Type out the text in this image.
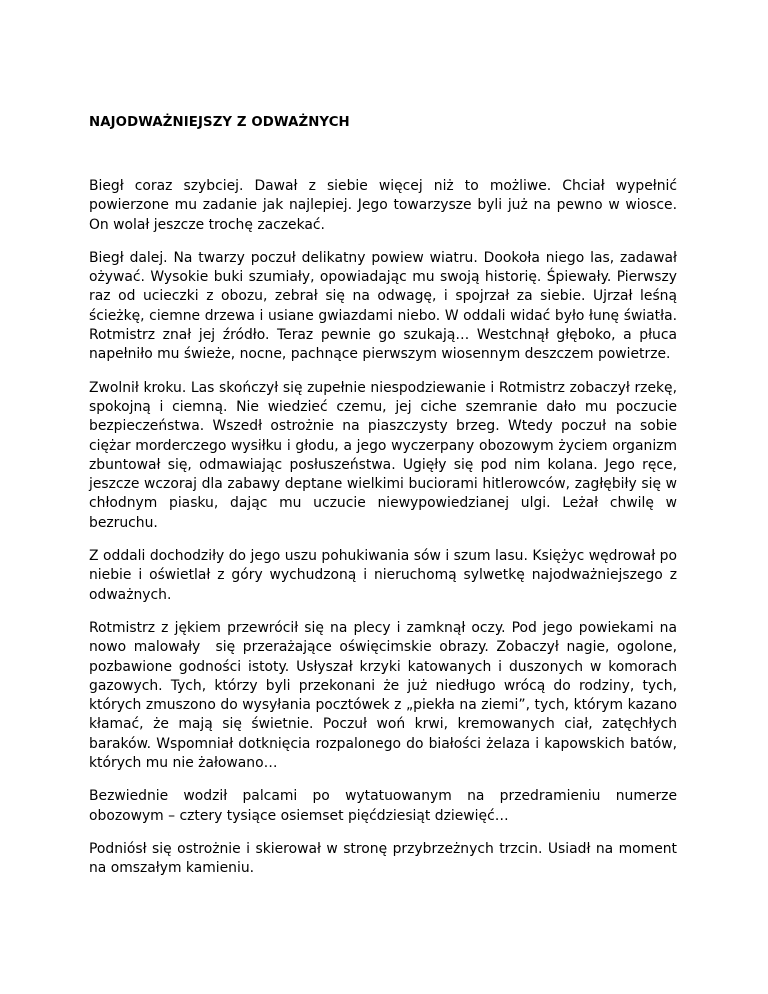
NAJODWAŻNIEJSZY Z ODWAŻNYCH

Biegł coraz szybciej. Dawał z siebie więcej niż to możliwe. Chciał wypełnić powierzone mu zadanie jak najlepiej. Jego towarzysze byli już na pewno w wiosce.  On wolał jeszcze trochę zaczekać.

Biegł dalej. Na twarzy poczuł delikatny powiew wiatru. Dookoła niego las, zadawał ożywać. Wysokie buki szumiały, opowiadając mu swoją historię. Śpiewały. Pierwszy raz od ucieczki z obozu, zebrał się na odwagę, i spojrzał za siebie. Ujrzał leśną ścieżkę, ciemne drzewa i usiane gwiazdami niebo. W oddali widać było łunę światła. Rotmistrz znał jej źródło. Teraz pewnie go szukają… Westchnął głęboko, a płuca napełniło mu świeże, nocne, pachnące pierwszym wiosennym deszczem powietrze.

Zwolnił kroku. Las skończył się zupełnie niespodziewanie i Rotmistrz zobaczył rzekę, spokojną i ciemną. Nie wiedzieć czemu, jej ciche szemranie dało mu poczucie bezpieczeństwa. Wszedł ostrożnie na piaszczysty brzeg. Wtedy poczuł na sobie ciężar morderczego wysiłku i głodu, a jego wyczerpany obozowym życiem organizm zbuntował się, odmawiając posłuszeństwa. Ugięły się pod nim kolana. Jego ręce, jeszcze wczoraj dla zabawy deptane wielkimi buciorami hitlerowców, zagłębiły się w chłodnym piasku, dając mu uczucie niewypowiedzianej ulgi. Leżał chwilę w bezruchu.

Z oddali dochodziły do jego uszu pohukiwania sów i szum lasu. Księżyc wędrował po niebie i oświetlał z góry wychudzoną i nieruchomą sylwetkę najodważniejszego z odważnych.

Rotmistrz z jękiem przewrócił się na plecy i zamknął oczy. Pod jego powiekami na nowo malowały  się przerażające oświęcimskie obrazy. Zobaczył nagie, ogolone, pozbawione godności istoty. Usłyszał krzyki katowanych i duszonych w komorach gazowych. Tych, którzy byli przekonani że już niedługo wrócą do rodziny, tych, których zmuszono do wysyłania pocztówek z „piekła na ziemi”, tych, którym kazano kłamać, że mają się świetnie. Poczuł woń krwi, kremowanych ciał, zatęchłych baraków. Wspomniał dotknięcia rozpalonego do białości żelaza i kapowskich batów, których mu nie żałowano…

Bezwiednie wodził palcami po wytatuowanym na przedramieniu numerze obozowym – cztery tysiące osiemset pięćdziesiąt dziewięć…

Podniósł się ostrożnie i skierował w stronę przybrzeżnych trzcin. Usiadł na moment na omszałym kamieniu.
